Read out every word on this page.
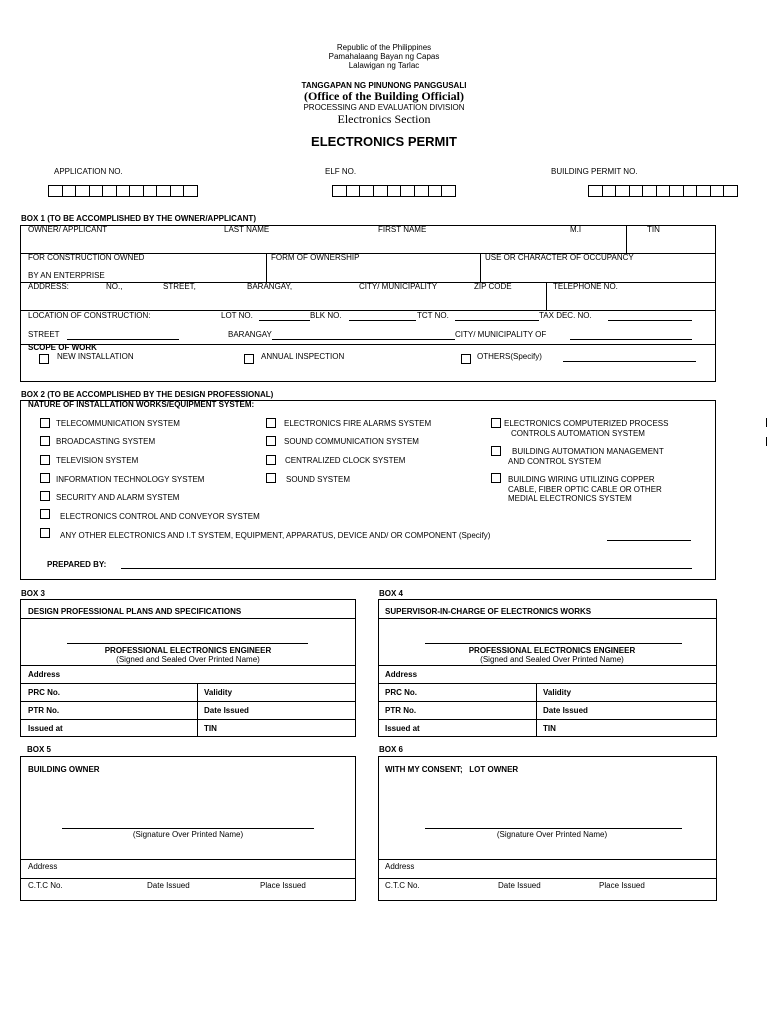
Republic of the Philippines
Pamahalaang Bayan ng Capas
Lalawigan ng Tarlac
TANGGAPAN NG PINUNONG PANGGUSALI
(Office of the Building Official)
PROCESSING AND EVALUATION DIVISION
Electronics Section
ELECTRONICS PERMIT
APPLICATION NO.	ELF NO.	BUILDING PERMIT NO.
BOX 1 (TO BE ACCOMPLISHED BY THE OWNER/APPLICANT)
OWNER/ APPLICANT	LAST NAME	FIRST NAME	M.I	TIN
FOR CONSTRUCTION OWNED
BY AN ENTERPRISE
FORM OF OWNERSHIP	USE OR CHARACTER OF OCCUPANCY
ADDRESS:	NO.,	STREET,	BARANGAY,	CITY/ MUNICIPALITY	ZIP CODE	TELEPHONE NO.
LOCATION OF CONSTRUCTION:	LOT NO.	BLK NO.	TCT NO.	TAX DEC. NO.
STREET	BARANGAY	CITY/ MUNICIPALITY OF
SCOPE OF WORK
NEW INSTALLATION	ANNUAL INSPECTION	OTHERS(Specify)
BOX 2 (TO BE ACCOMPLISHED BY THE DESIGN PROFESSIONAL)
NATURE OF INSTALLATION WORKS/EQUIPMENT SYSTEM:
TELECOMMUNICATION SYSTEM
BROADCASTING SYSTEM
TELEVISION SYSTEM
INFORMATION TECHNOLOGY SYSTEM
SECURITY AND ALARM SYSTEM
ELECTRONICS FIRE ALARMS SYSTEM
SOUND COMMUNICATION SYSTEM
CENTRALIZED CLOCK SYSTEM
SOUND SYSTEM
ELECTRONICS COMPUTERIZED PROCESS
CONTROLS AUTOMATION SYSTEM
BUILDING AUTOMATION MANAGEMENT
AND CONTROL SYSTEM
BUILDING WIRING UTILIZING COPPER
CABLE, FIBER OPTIC CABLE OR OTHER
MEDIAL ELECTRONICS SYSTEM
ELECTRONICS CONTROL AND CONVEYOR SYSTEM
ANY OTHER ELECTRONICS AND I.T SYSTEM, EQUIPMENT, APPARATUS, DEVICE AND/ OR COMPONENT (Specify)
PREPARED BY:
BOX 3
DESIGN PROFESSIONAL PLANS AND SPECIFICATIONS
PROFESSIONAL ELECTRONICS ENGINEER
(Signed and Sealed Over Printed Name)
Address
PRC No.	Validity
PTR No.	Date Issued
Issued at	TIN
BOX 4
SUPERVISOR-IN-CHARGE OF ELECTRONICS WORKS
PROFESSIONAL ELECTRONICS ENGINEER
(Signed and Sealed Over Printed Name)
Address
PRC No.	Validity
PTR No.	Date Issued
Issued at	TIN
BOX 5
BUILDING OWNER
(Signature Over Printed Name)
Address
C.T.C No.	Date Issued	Place Issued
BOX 6
WITH MY CONSENT;   LOT OWNER
(Signature Over Printed Name)
Address
C.T.C No.	Date Issued	Place Issued
